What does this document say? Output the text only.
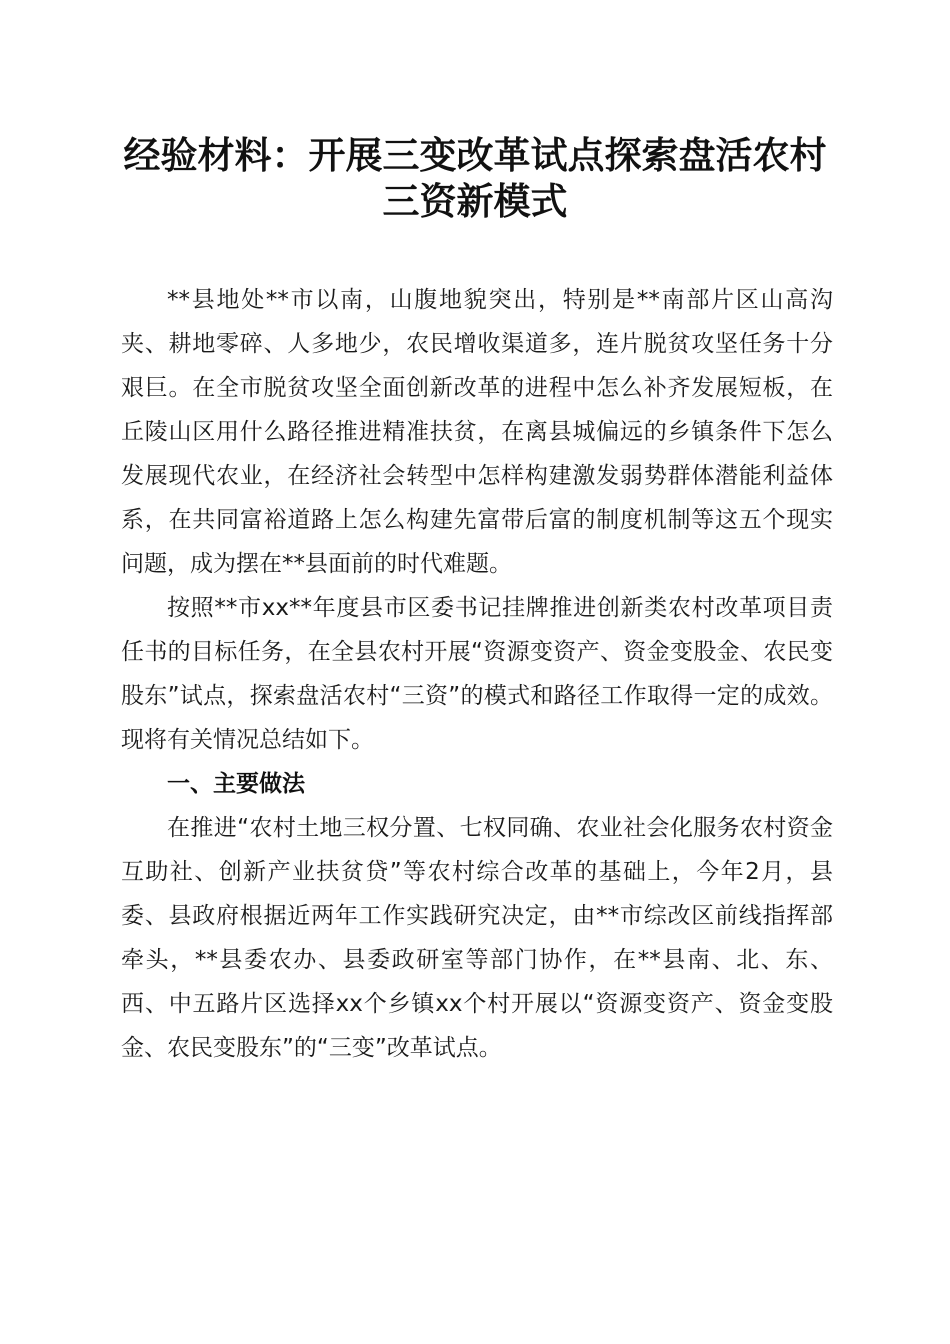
经验材料：开展三变改革试点探索盘活农村三资新模式

**县地处**市以南，山腹地貌突出，特别是**南部片区山高沟夹、耕地零碎、人多地少，农民增收渠道多，连片脱贫攻坚任务十分艰巨。在全市脱贫攻坚全面创新改革的进程中怎么补齐发展短板，在丘陵山区用什么路径推进精准扶贫，在离县城偏远的乡镇条件下怎么发展现代农业，在经济社会转型中怎样构建激发弱势群体潜能利益体系，在共同富裕道路上怎么构建先富带后富的制度机制等这五个现实问题，成为摆在**县面前的时代难题。

按照**市xx**年度县市区委书记挂牌推进创新类农村改革项目责任书的目标任务，在全县农村开展“资源变资产、资金变股金、农民变股东”试点，探索盘活农村“三资”的模式和路径工作取得一定的成效。现将有关情况总结如下。

一、主要做法

在推进“农村土地三权分置、七权同确、农业社会化服务农村资金互助社、创新产业扶贫贷”等农村综合改革的基础上，今年2月，县委、县政府根据近两年工作实践研究决定，由**市综改区前线指挥部牵头，**县委农办、县委政研室等部门协作，在**县南、北、东、西、中五路片区选择xx个乡镇xx个村开展以“资源变资产、资金变股金、农民变股东”的“三变”改革试点。
